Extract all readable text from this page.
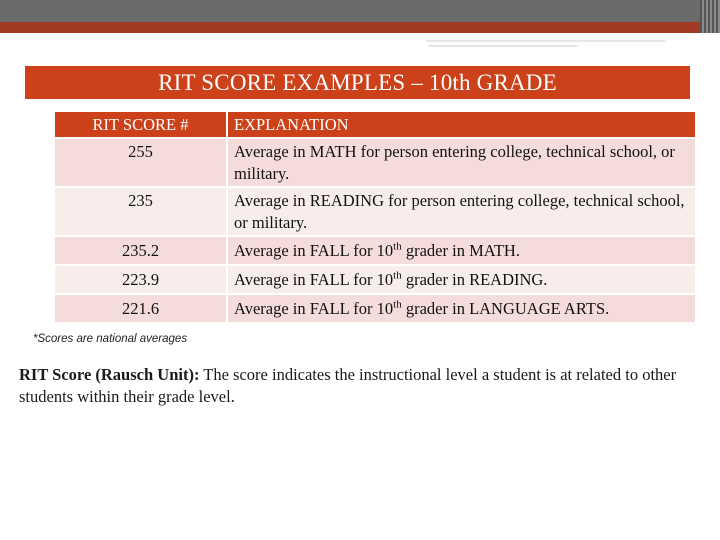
RIT SCORE EXAMPLES – 10th GRADE
RIT SCORE #	EXPLANATION
255	Average in MATH for person entering college, technical school, or military.
235	Average in READING for person entering college, technical school, or military.
235.2	Average in FALL for 10th grader in MATH.
223.9	Average in FALL for 10th grader in READING.
221.6	Average in FALL for 10th grader in LANGUAGE ARTS.
*Scores are national averages

RIT Score (Rausch Unit): The score indicates the instructional level a student is at related to other students within their grade level.
